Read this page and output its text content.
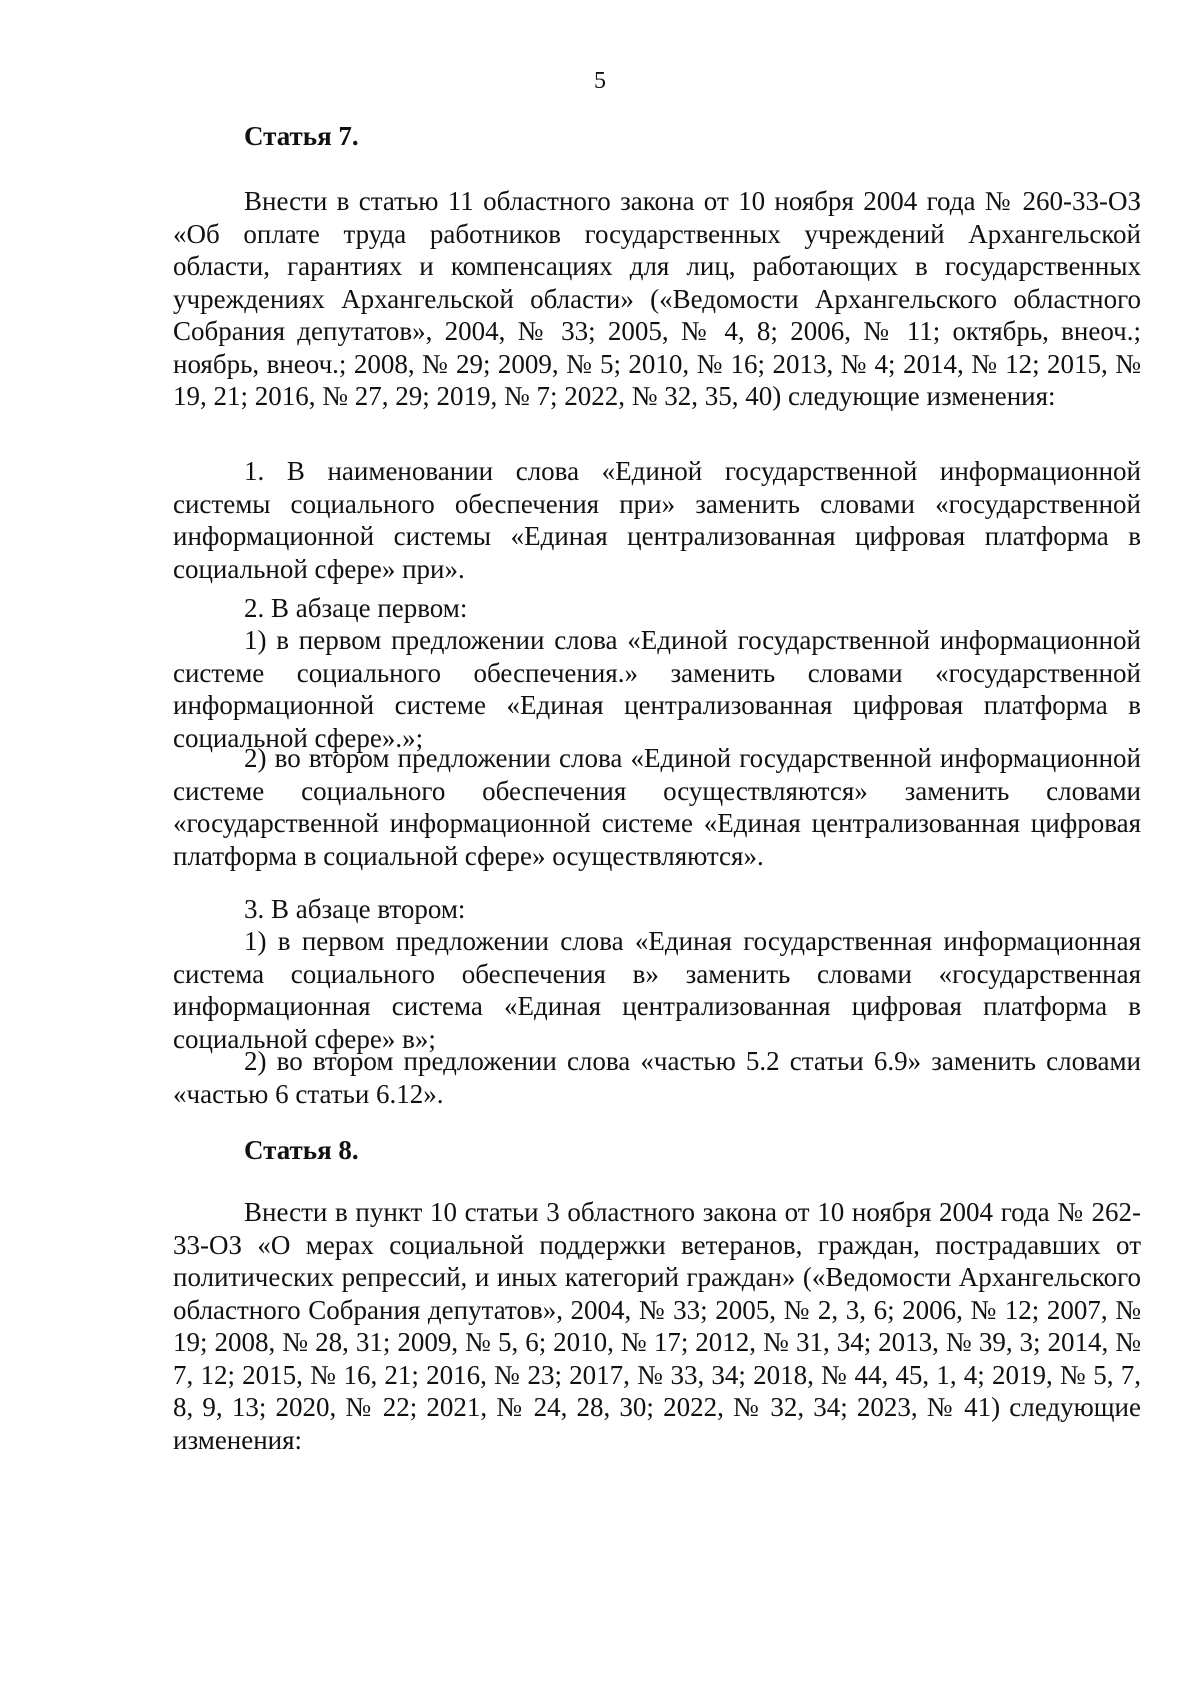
5
Статья 7.

Внести в статью 11 областного закона от 10 ноября 2004 года № 260-33-ОЗ «Об оплате труда работников государственных учреждений Архангельской области, гарантиях и компенсациях для лиц, работающих в государственных учреждениях Архангельской области» («Ведомости Архангельского областного Собрания депутатов», 2004, № 33; 2005, № 4, 8; 2006, № 11; октябрь, внеоч.; ноябрь, внеоч.; 2008, № 29; 2009, № 5; 2010, № 16; 2013, № 4; 2014, № 12; 2015, № 19, 21; 2016, № 27, 29; 2019, № 7; 2022, № 32, 35, 40) следующие изменения:

1. В наименовании слова «Единой государственной информационной системы социального обеспечения при» заменить словами «государственной информационной системы «Единая централизованная цифровая платформа в социальной сфере» при».

2. В абзаце первом:

1) в первом предложении слова «Единой государственной информационной системе социального обеспечения.» заменить словами «государственной информационной системе «Единая централизованная цифровая платформа в социальной сфере».»;

2) во втором предложении слова «Единой государственной информационной системе социального обеспечения осуществляются» заменить словами «государственной информационной системе «Единая централизованная цифровая платформа в социальной сфере» осуществляются».

3. В абзаце втором:

1) в первом предложении слова «Единая государственная информационная система социального обеспечения в» заменить словами «государственная информационная система «Единая централизованная цифровая платформа в социальной сфере» в»;

2) во втором предложении слова «частью 5.2 статьи 6.9» заменить словами «частью 6 статьи 6.12».

Статья 8.

Внести в пункт 10 статьи 3 областного закона от 10 ноября 2004 года № 262-33-ОЗ «О мерах социальной поддержки ветеранов, граждан, пострадавших от политических репрессий, и иных категорий граждан» («Ведомости Архангельского областного Собрания депутатов», 2004, № 33; 2005, № 2, 3, 6; 2006, № 12; 2007, № 19; 2008, № 28, 31; 2009, № 5, 6; 2010, № 17; 2012, № 31, 34; 2013, № 39, 3; 2014, № 7, 12; 2015, № 16, 21; 2016, № 23; 2017, № 33, 34; 2018, № 44, 45, 1, 4; 2019, № 5, 7, 8, 9, 13; 2020, № 22; 2021, № 24, 28, 30; 2022, № 32, 34; 2023, № 41) следующие изменения:
